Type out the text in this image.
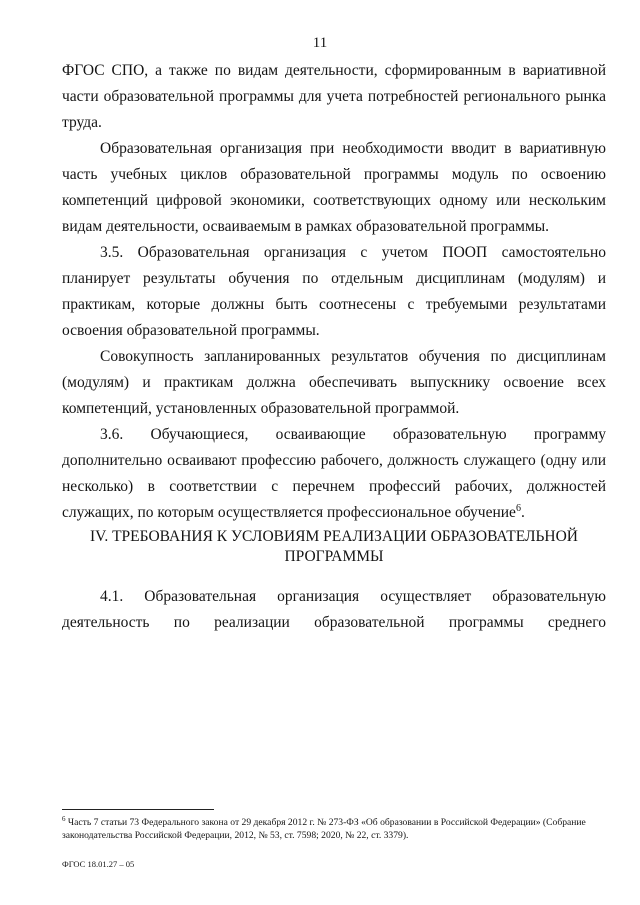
11

ФГОС СПО, а также по видам деятельности, сформированным в вариативной части образовательной программы для учета потребностей регионального рынка труда.

Образовательная организация при необходимости вводит в вариативную часть учебных циклов образовательной программы модуль по освоению компетенций цифровой экономики, соответствующих одному или нескольким видам деятельности, осваиваемым в рамках образовательной программы.

3.5. Образовательная организация с учетом ПООП самостоятельно планирует результаты обучения по отдельным дисциплинам (модулям) и практикам, которые должны быть соотнесены с требуемыми результатами освоения образовательной программы.

Совокупность запланированных результатов обучения по дисциплинам (модулям) и практикам должна обеспечивать выпускнику освоение всех компетенций, установленных образовательной программой.

3.6. Обучающиеся, осваивающие образовательную программу дополнительно осваивают профессию рабочего, должность служащего (одну или несколько) в соответствии с перечнем профессий рабочих, должностей служащих, по которым осуществляется профессиональное обучение$^6$.

IV. ТРЕБОВАНИЯ К УСЛОВИЯМ РЕАЛИЗАЦИИ ОБРАЗОВАТЕЛЬНОЙ
ПРОГРАММЫ

4.1. Образовательная организация осуществляет образовательную деятельность по реализации образовательной программы среднего

$^6$ Часть 7 статьи 73 Федерального закона от 29 декабря 2012 г. № 273-ФЗ «Об образовании в Российской Федерации» (Собрание законодательства Российской Федерации, 2012, № 53, ст. 7598; 2020, № 22, ст. 3379).

ФГОС 18.01.27 – 05
